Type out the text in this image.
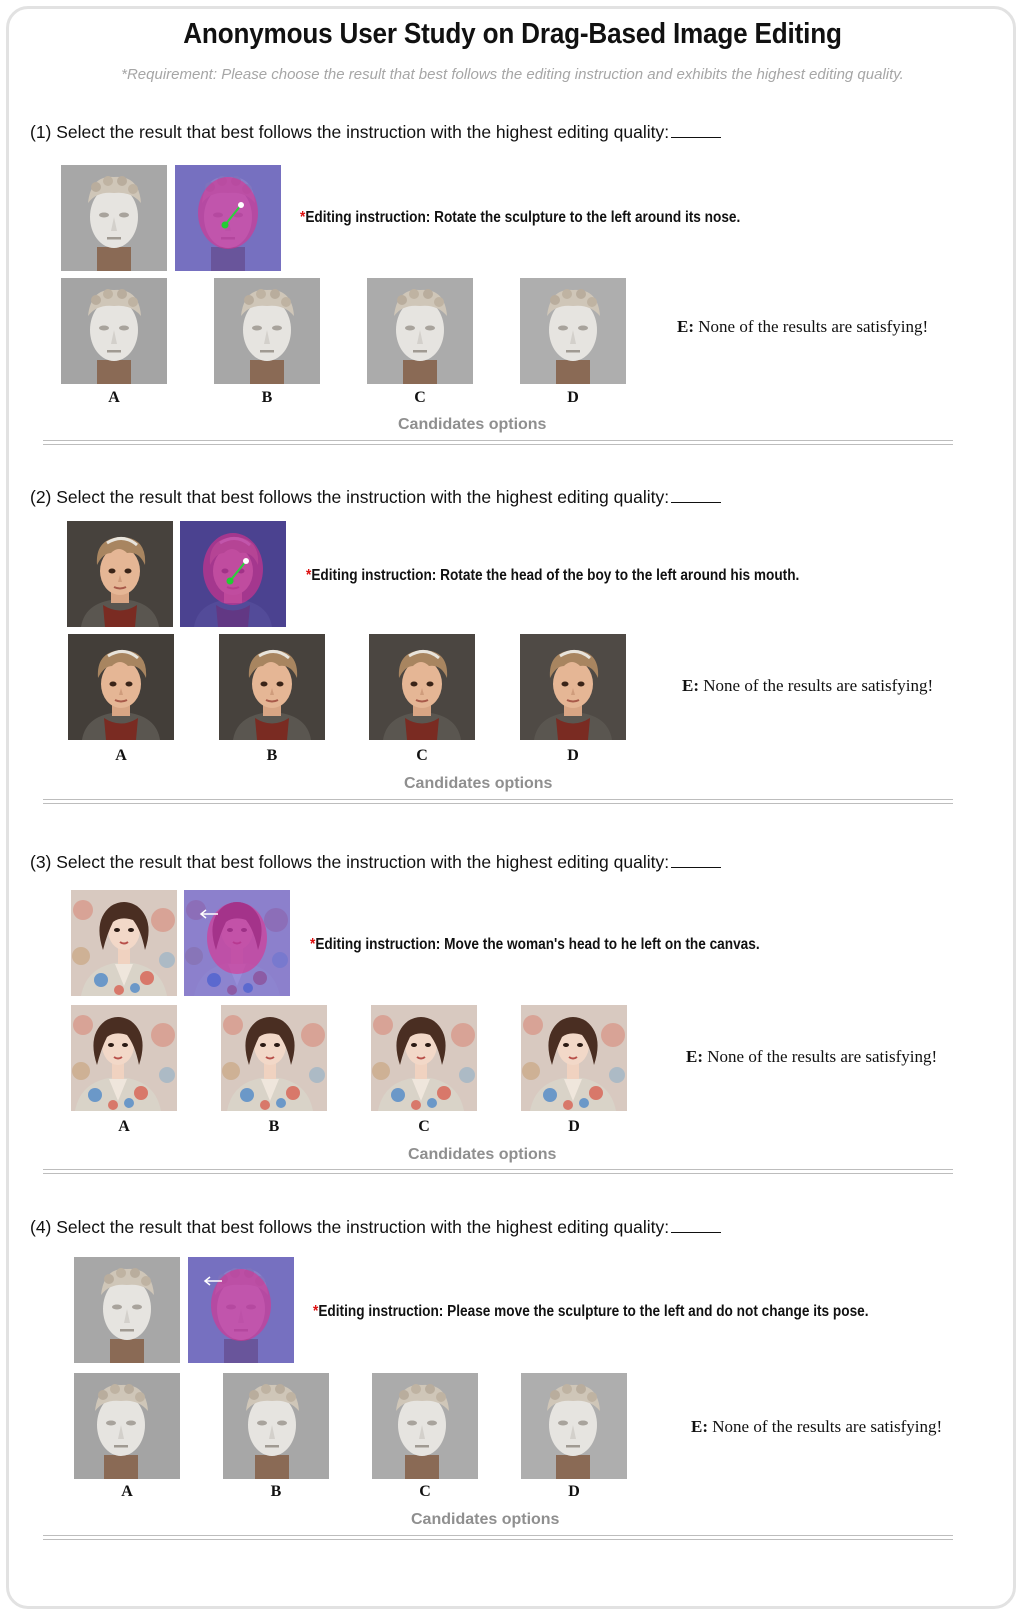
Anonymous User Study on Drag-Based Image Editing
*Requirement: Please choose the result that best follows the editing instruction and exhibits the highest editing quality.
(1) Select the result that best follows the instruction with the highest editing quality:
*Editing instruction: Rotate the sculpture to the left around its nose.
A	B	C	D
E: None of the results are satisfying!
Candidates options
(2) Select the result that best follows the instruction with the highest editing quality:
*Editing instruction: Rotate the head of the boy to the left around his mouth.
A	B	C	D
E: None of the results are satisfying!
Candidates options
(3) Select the result that best follows the instruction with the highest editing quality:
*Editing instruction: Move the woman's head to he left on the canvas.
A	B	C	D
E: None of the results are satisfying!
Candidates options
(4) Select the result that best follows the instruction with the highest editing quality:
*Editing instruction: Please move the sculpture to the left and do not change its pose.
A	B	C	D
E: None of the results are satisfying!
Candidates options
